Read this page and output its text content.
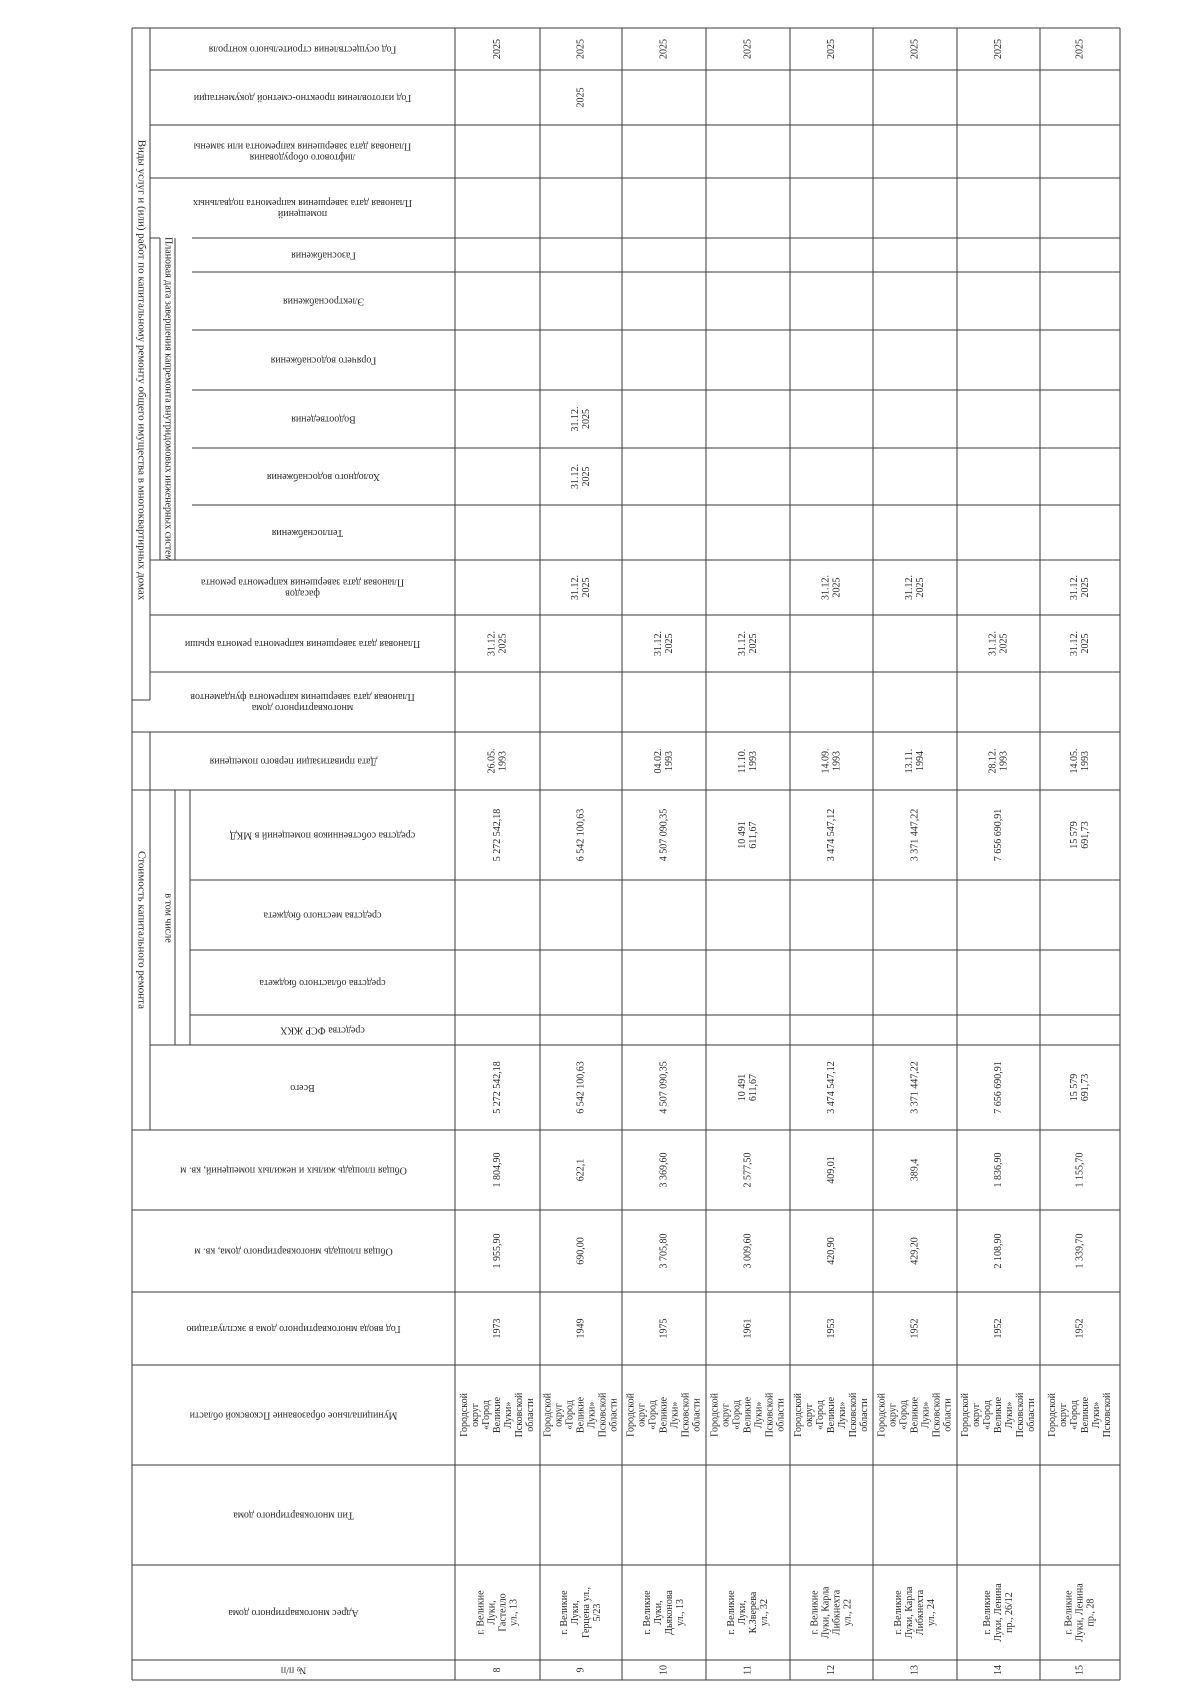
Виды услуг и (или) работ по капитальному ремонту общего имущества в многоквартирных домах
Стоимость капитального ремонта в том числе
Плановая дата завершения капремонта внутридомовых инженерных систем
Год осуществления строительного контроля
Год изготовления проектно-сметной документации
Плановая дата завершения капремонта или замены
лифтового оборудования
Плановая дата завершения капремонта подвальных
помещений
Газоснабжения
Электроснабжения
Горячего водоснабжения
Водоотведения
Холодного водоснабжения
Теплоснабжения
Плановая дата завершения капремонта ремонта
фасадов
Плановая дата завершения капремонта ремонта крыши
Плановая дата завершения капремонта фундаментов
многоквартирного дома
Дата приватизации первого помещения
средства собственников помещений в МКД
средства местного бюджета
средства областного бюджета
средства ФСР ЖКХ
Всего
Общая площадь жилых и нежилых помещений, кв. м
Общая площадь многоквартирного дома, кв. м
Год ввода многоквартирного дома в эксплуатацию
Муниципальное образование Псковской области
Тип многоквартирного дома
Адрес многоквартирного дома
№ п/п
2025
31.12. 2025
26.05. 1993
5 272 542,18
5 272 542,18
1 804,90
1 955,90
1973
Городской округ «Город Великие Луки» Псковской области
г. Великие Луки, Гастелло ул., 13
8
2025
2025
31.12. 2025
31.12. 2025
31.12. 2025
6 542 100,63
6 542 100,63
622,1
690,00
1949
Городской округ «Город Великие Луки» Псковской области
г. Великие Луки, Герцена ул., 5/23
9
2025
31.12. 2025
04.02. 1993
4 507 090,35
4 507 090,35
3 369,60
3 705,80
1975
Городской округ «Город Великие Луки» Псковской области
г. Великие Луки, Дьяконова ул., 13
10
2025
31.12. 2025
11.10. 1993
10 491 611,67
10 491 611,67
2 577,50
3 009,60
1961
Городской округ «Город Великие Луки» Псковской области
г. Великие Луки, К.Зверева ул., 32
11
2025
31.12. 2025
14.09. 1993
3 474 547,12
3 474 547,12
409,01
420,90
1953
Городской округ «Город Великие Луки» Псковской области
г. Великие Луки, Карла Либкнехта ул., 22
12
2025
31.12. 2025
13.11. 1994
3 371 447,22
3 371 447,22
389,4
429,20
1952
Городской округ «Город Великие Луки» Псковской области
г. Великие Луки, Карла Либкнехта ул., 24
13
2025
31.12. 2025
28.12. 1993
7 656 690,91
7 656 690,91
1 836,90
2 108,90
1952
Городской округ «Город Великие Луки» Псковской области
г. Великие Луки, Ленина пр., 26/12
14
2025
31.12. 2025
31.12. 2025
14.05. 1993
15 579 691,73
15 579 691,73
1 155,70
1 339,70
1952
Городской округ «Город Великие Луки» Псковской
г. Великие Луки, Ленина пр., 28
15
